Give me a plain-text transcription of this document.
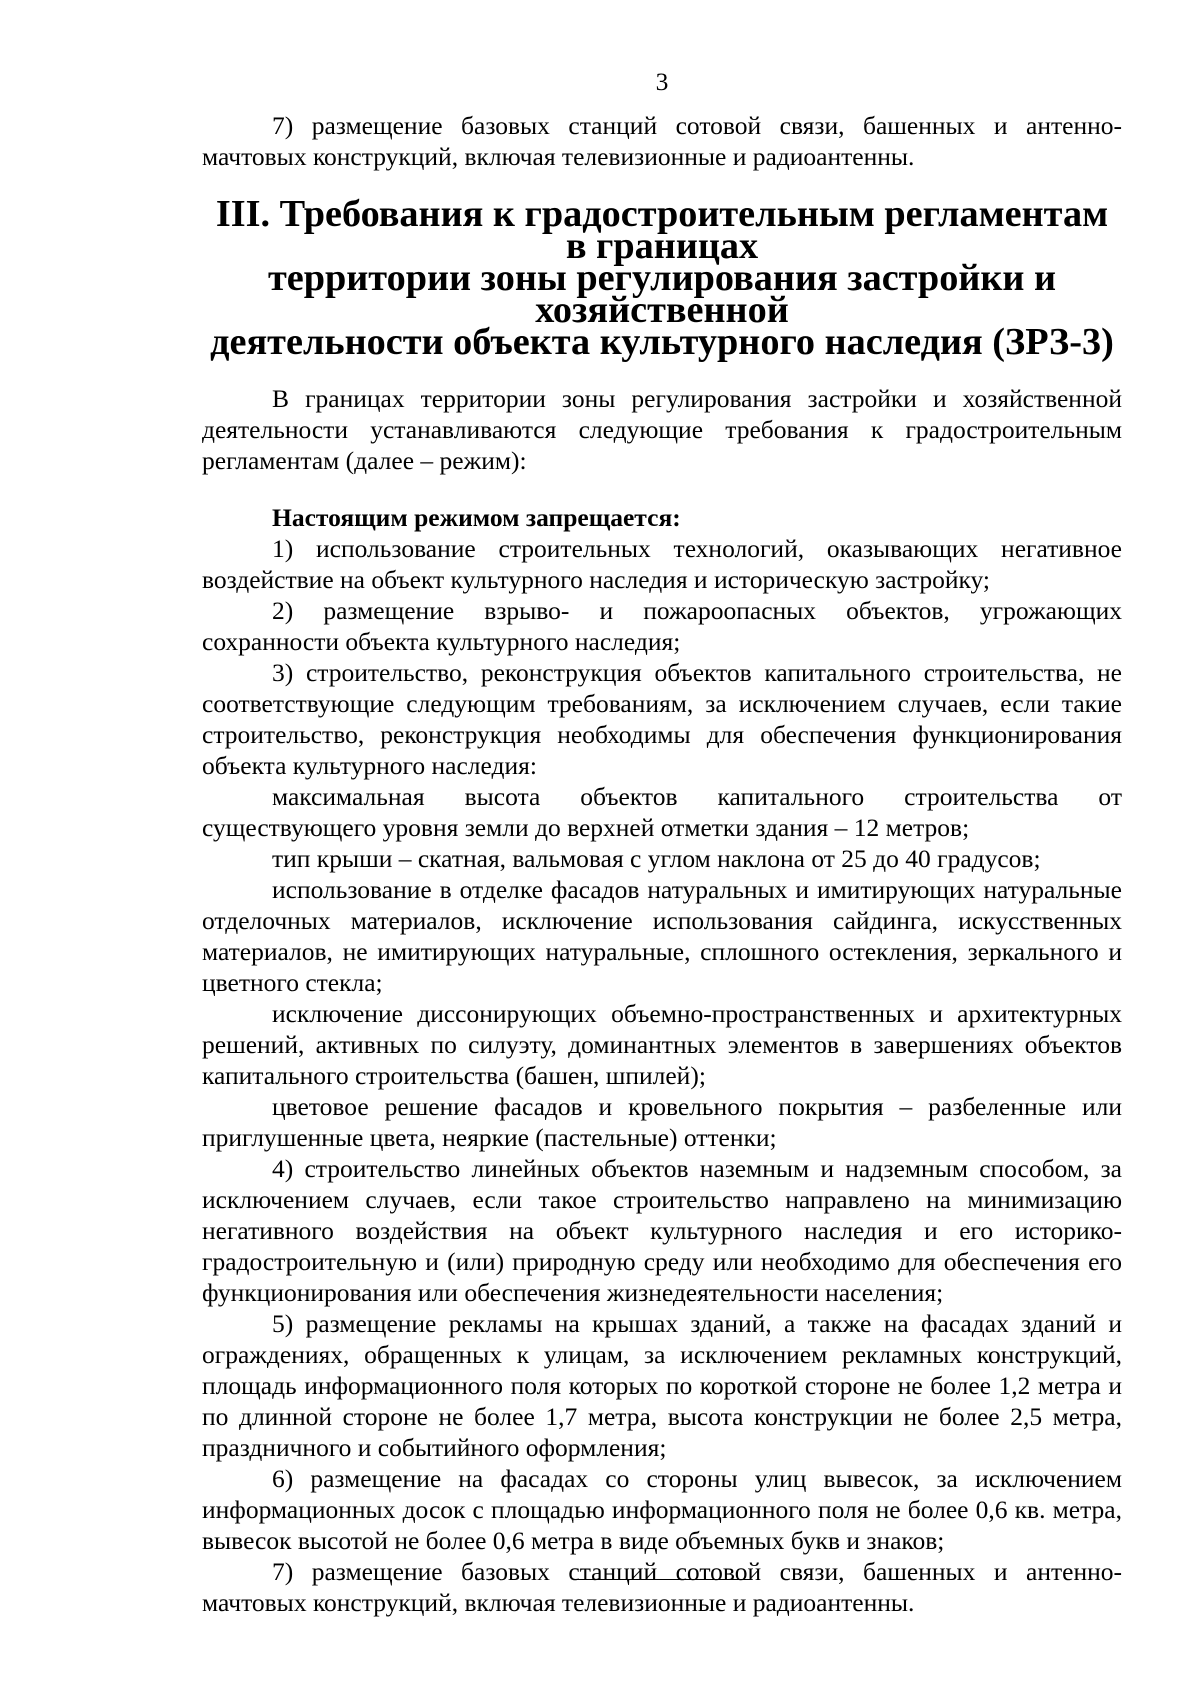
3

7) размещение базовых станций сотовой связи, башенных и антенно-мачтовых конструкций, включая телевизионные и радиоантенны.

III. Требования к градостроительным регламентам в границах
территории зоны регулирования застройки и хозяйственной
деятельности объекта культурного наследия (ЗРЗ-3)

В границах территории зоны регулирования застройки и хозяйственной деятельности устанавливаются следующие требования к градостроительным регламентам (далее – режим):

Настоящим режимом запрещается:

1) использование строительных технологий, оказывающих негативное воздействие на объект культурного наследия и историческую застройку;

2) размещение взрыво- и пожароопасных объектов, угрожающих сохранности объекта культурного наследия;

3) строительство, реконструкция объектов капитального строительства, не соответствующие следующим требованиям, за исключением случаев, если такие строительство, реконструкция необходимы для обеспечения функционирования объекта культурного наследия:

максимальная высота объектов капитального строительства от существующего уровня земли до верхней отметки здания – 12 метров;

тип крыши – скатная, вальмовая с углом наклона от 25 до 40 градусов;

использование в отделке фасадов натуральных и имитирующих натуральные отделочных материалов, исключение использования сайдинга, искусственных материалов, не имитирующих натуральные, сплошного остекления, зеркального и цветного стекла;

исключение диссонирующих объемно-пространственных и архитектурных решений, активных по силуэту, доминантных элементов в завершениях объектов капитального строительства (башен, шпилей);

цветовое решение фасадов и кровельного покрытия – разбеленные или приглушенные цвета, неяркие (пастельные) оттенки;

4) строительство линейных объектов наземным и надземным способом, за исключением случаев, если такое строительство направлено на минимизацию негативного воздействия на объект культурного наследия и его историко-градостроительную и (или) природную среду или необходимо для обеспечения его функционирования или обеспечения жизнедеятельности населения;

5) размещение рекламы на крышах зданий, а также на фасадах зданий и ограждениях, обращенных к улицам, за исключением рекламных конструкций, площадь информационного поля которых по короткой стороне не более 1,2 метра и по длинной стороне не более 1,7 метра, высота конструкции не более 2,5 метра, праздничного и событийного оформления;

6) размещение на фасадах со стороны улиц вывесок, за исключением информационных досок с площадью информационного поля не более 0,6 кв. метра, вывесок высотой не более 0,6 метра в виде объемных букв и знаков;

7) размещение базовых станций сотовой связи, башенных и антенно-мачтовых конструкций, включая телевизионные и радиоантенны.
